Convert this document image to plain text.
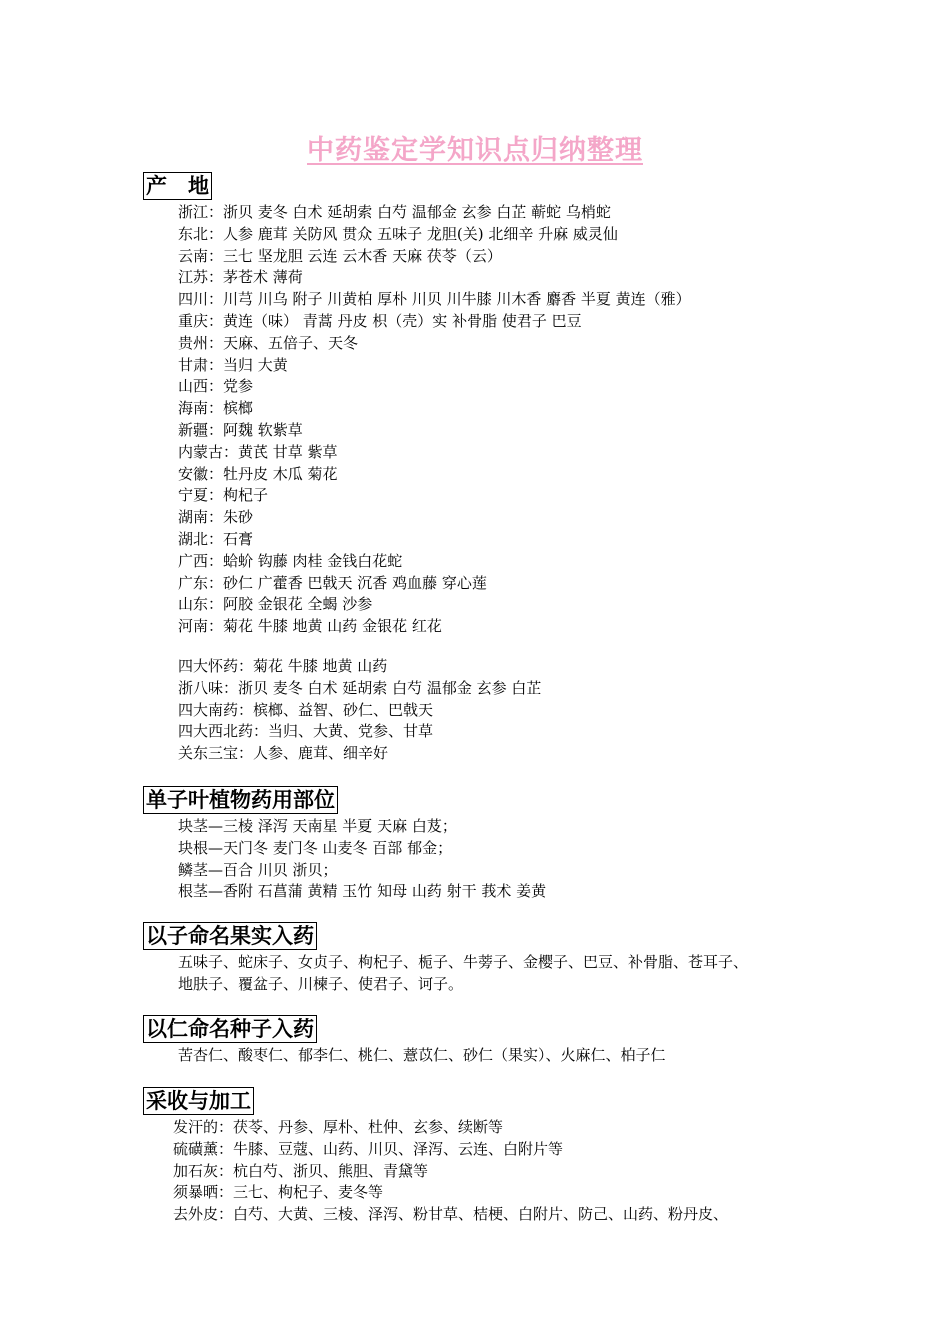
中药鉴定学知识点归纳整理
产　地
浙江：浙贝 麦冬 白术 延胡索 白芍 温郁金 玄参 白芷 蕲蛇 乌梢蛇
东北：人参 鹿茸 关防风 贯众 五味子 龙胆(关) 北细辛 升麻 威灵仙
云南：三七 坚龙胆 云连 云木香 天麻 茯苓（云）
江苏：茅苍术 薄荷
四川：川芎 川乌 附子 川黄柏 厚朴 川贝 川牛膝 川木香 麝香 半夏 黄连（雅）
重庆：黄连（味） 青蒿 丹皮 枳（壳）实 补骨脂 使君子 巴豆
贵州：天麻、五倍子、天冬
甘肃：当归 大黄
山西：党参
海南：槟榔
新疆：阿魏 软紫草
内蒙古：黄芪 甘草 紫草
安徽：牡丹皮 木瓜 菊花
宁夏：枸杞子
湖南：朱砂
湖北：石膏
广西：蛤蚧 钩藤 肉桂 金钱白花蛇
广东：砂仁 广藿香 巴戟天 沉香 鸡血藤 穿心莲
山东：阿胶 金银花 全蝎 沙参
河南：菊花 牛膝 地黄 山药 金银花 红花
四大怀药：菊花 牛膝 地黄 山药
浙八味：浙贝 麦冬 白术 延胡索 白芍 温郁金 玄参 白芷
四大南药：槟榔、益智、砂仁、巴戟天
四大西北药：当归、大黄、党参、甘草
关东三宝：人参、鹿茸、细辛好
单子叶植物药用部位
块茎—三棱 泽泻 天南星 半夏 天麻 白芨；
块根—天门冬 麦门冬 山麦冬 百部 郁金；
鳞茎—百合 川贝 浙贝；
根茎—香附 石菖蒲 黄精 玉竹 知母 山药 射干 莪术 姜黄
以子命名果实入药
五味子、蛇床子、女贞子、枸杞子、栀子、牛蒡子、金樱子、巴豆、补骨脂、苍耳子、
地肤子、覆盆子、川楝子、使君子、诃子。
以仁命名种子入药
苦杏仁、酸枣仁、郁李仁、桃仁、薏苡仁、砂仁（果实）、火麻仁、柏子仁
采收与加工
发汗的：茯苓、丹参、厚朴、杜仲、玄参、续断等
硫磺薰：牛膝、豆蔻、山药、川贝、泽泻、云连、白附片等
加石灰：杭白芍、浙贝、熊胆、青黛等
须暴晒：三七、枸杞子、麦冬等
去外皮：白芍、大黄、三棱、泽泻、粉甘草、桔梗、白附片、防己、山药、粉丹皮、
